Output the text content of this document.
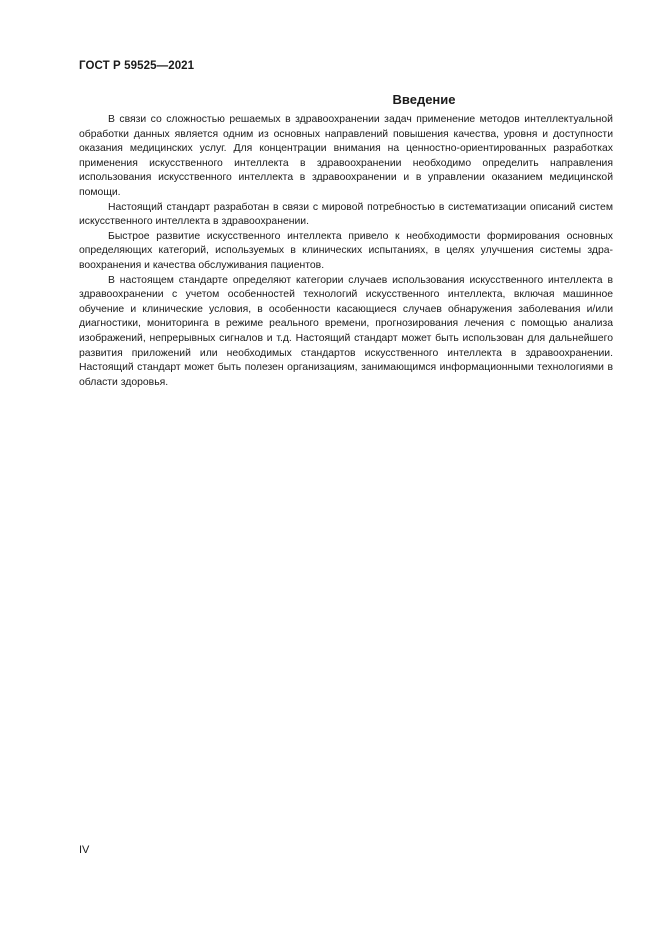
ГОСТ Р 59525—2021
Введение

В связи со сложностью решаемых в здравоохранении задач применение методов интеллектуальной обработки данных является одним из основных направлений повышения качества, уровня и доступности оказания медицинских услуг. Для концентрации внимания на ценностно-ориентированных разработках применения искусственного интеллекта в здравоохранении необходимо определить направления использования искусственного интеллекта в здравоохранении и в управлении оказанием медицинской помощи.

Настоящий стандарт разработан в связи с мировой потребностью в систематизации описаний систем искусственного интеллекта в здравоохранении.

Быстрое развитие искусственного интеллекта привело к необходимости формирования основных определяющих категорий, используемых в клинических испытаниях, в целях улучшения системы здравоохранения и качества обслуживания пациентов.

В настоящем стандарте определяют категории случаев использования искусственного интеллекта в здравоохранении с учетом особенностей технологий искусственного интеллекта, включая машинное обучение и клинические условия, в особенности касающиеся случаев обнаружения заболевания и/или диагностики, мониторинга в режиме реального времени, прогнозирования лечения с помощью анализа изображений, непрерывных сигналов и т.д. Настоящий стандарт может быть использован для дальнейшего развития приложений или необходимых стандартов искусственного интеллекта в здравоохранении. Настоящий стандарт может быть полезен организациям, занимающимся информационными технологиями в области здоровья.

IV
